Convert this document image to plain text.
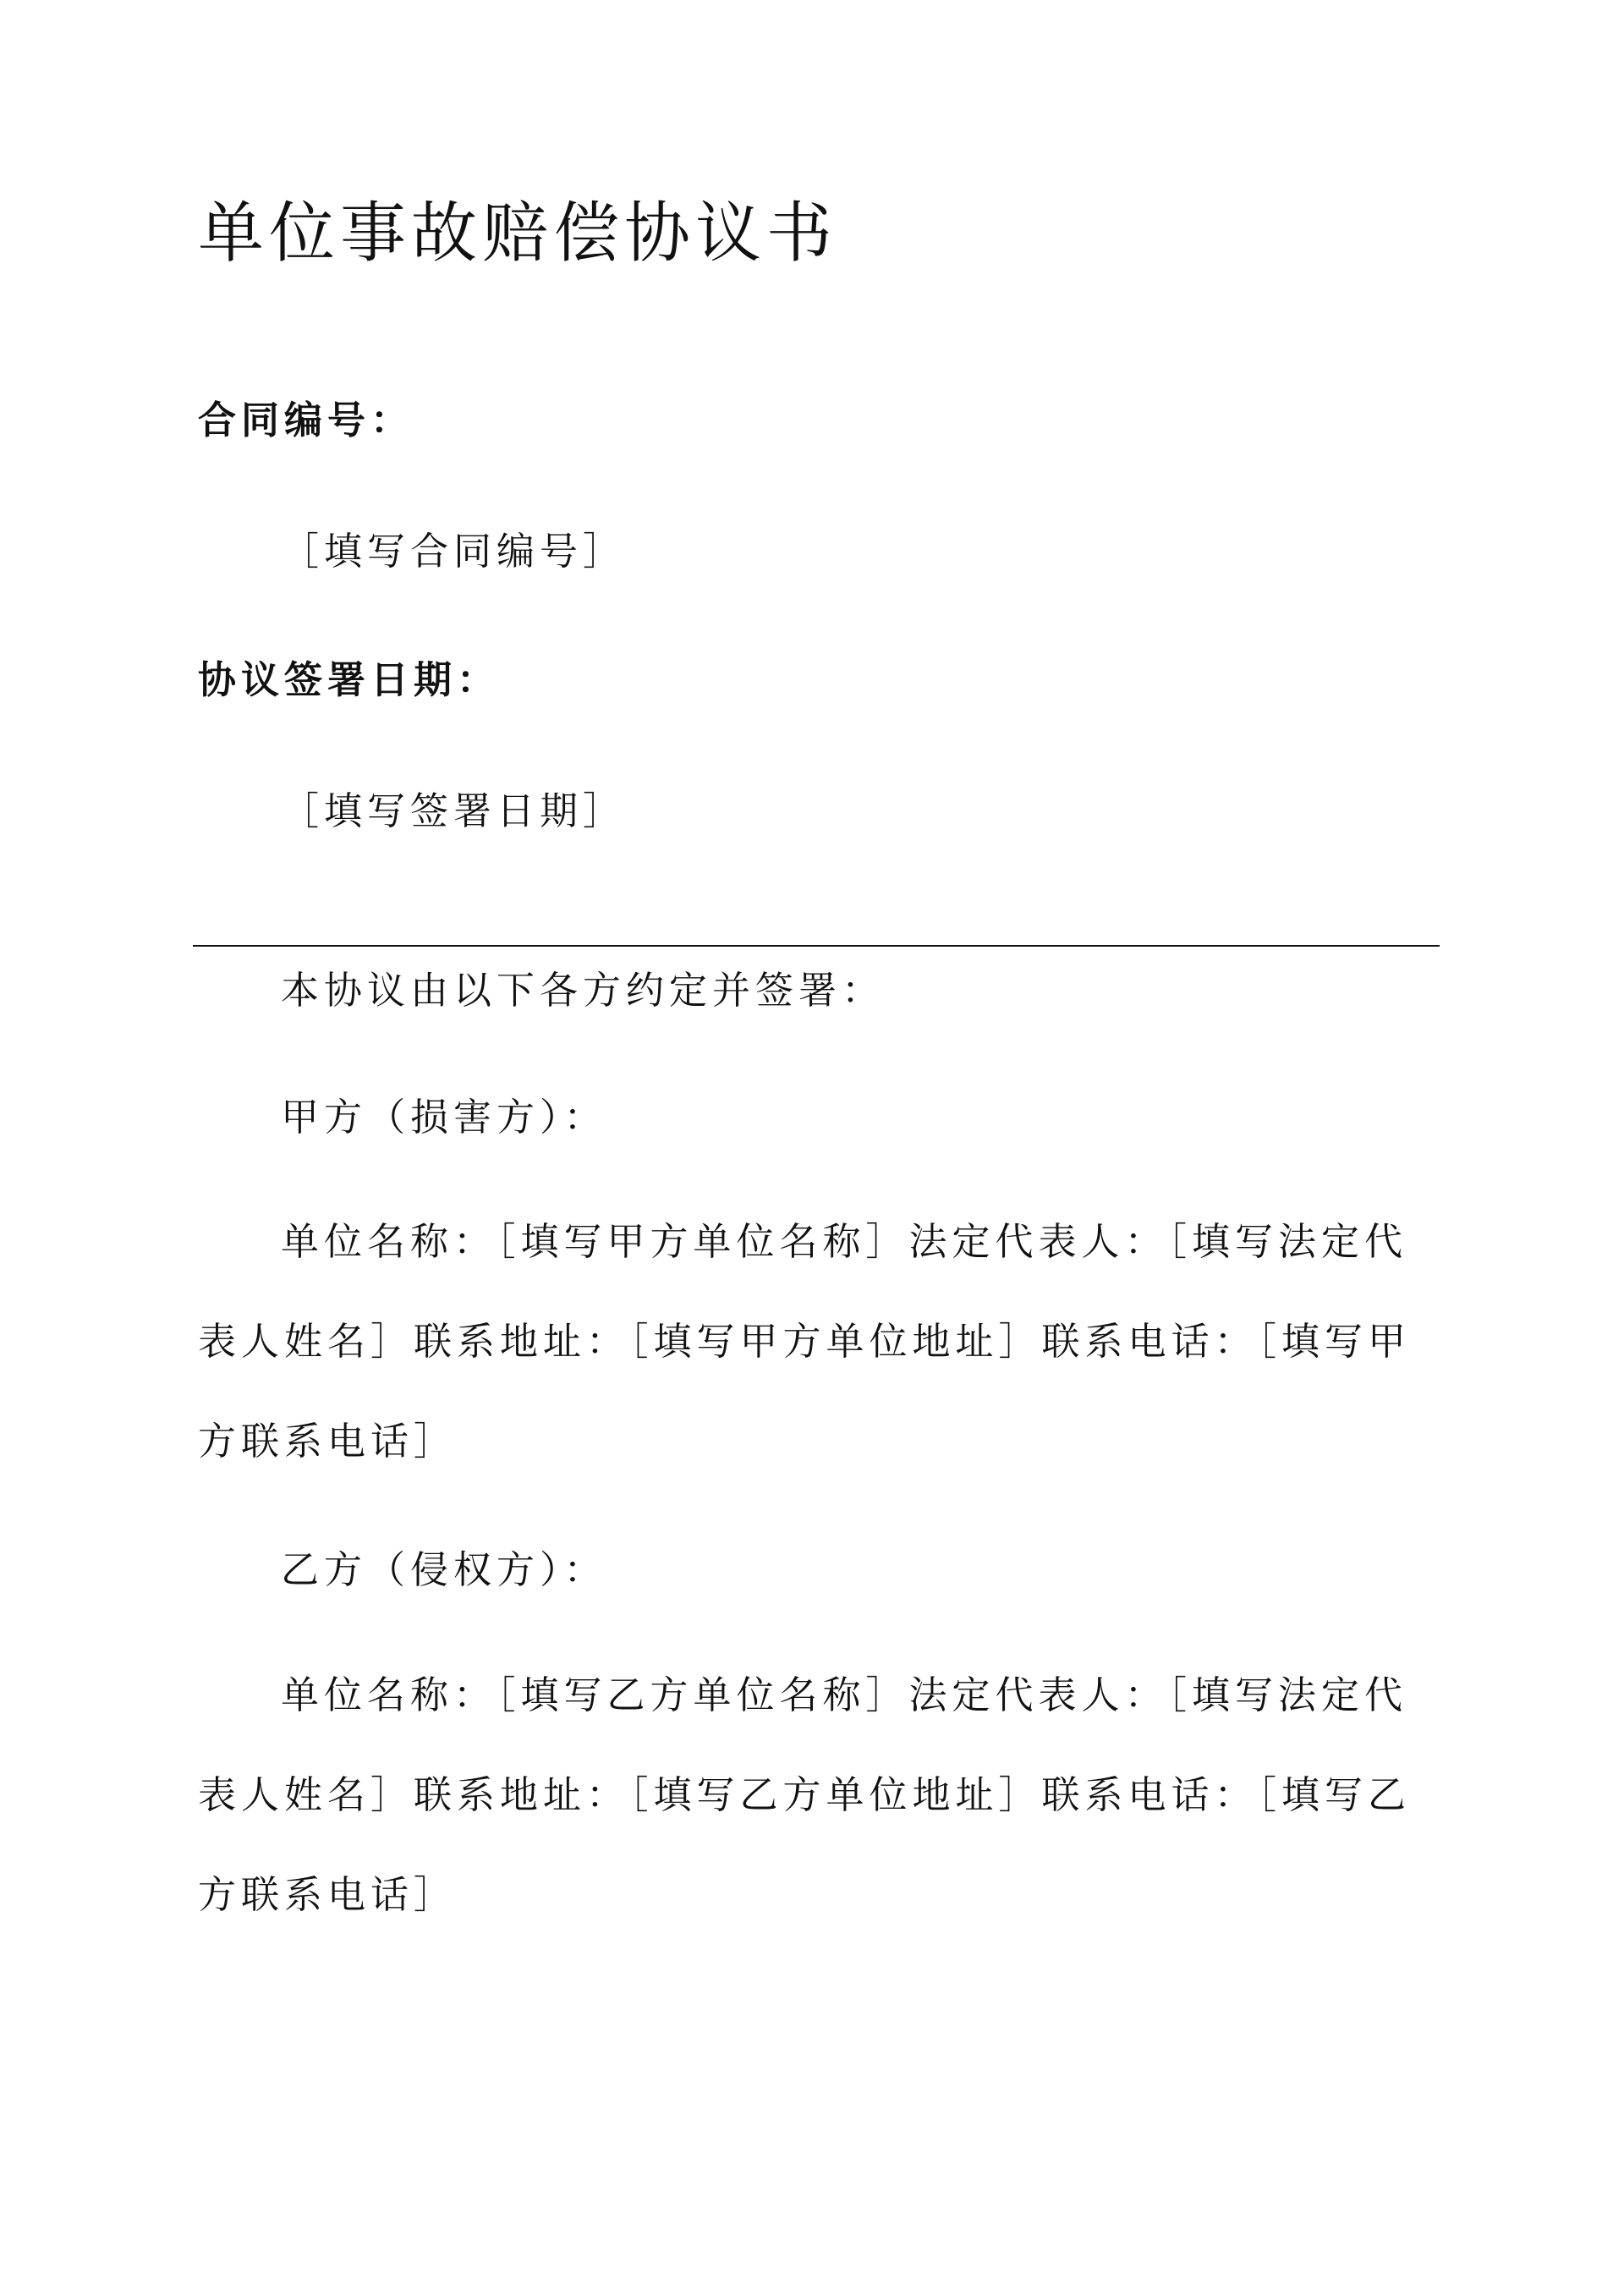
单位事故赔偿协议书
合同编号：
［填写合同编号］
协议签署日期：
［填写签署日期］

本协议由以下各方约定并签署：

甲方（损害方）：

单位名称：［填写甲方单位名称］法定代表人：［填写法定代表人姓名］联系地址：［填写甲方单位地址］联系电话：［填写甲方联系电话］

乙方（侵权方）：

单位名称：［填写乙方单位名称］法定代表人：［填写法定代表人姓名］联系地址：［填写乙方单位地址］联系电话：［填写乙方联系电话］
